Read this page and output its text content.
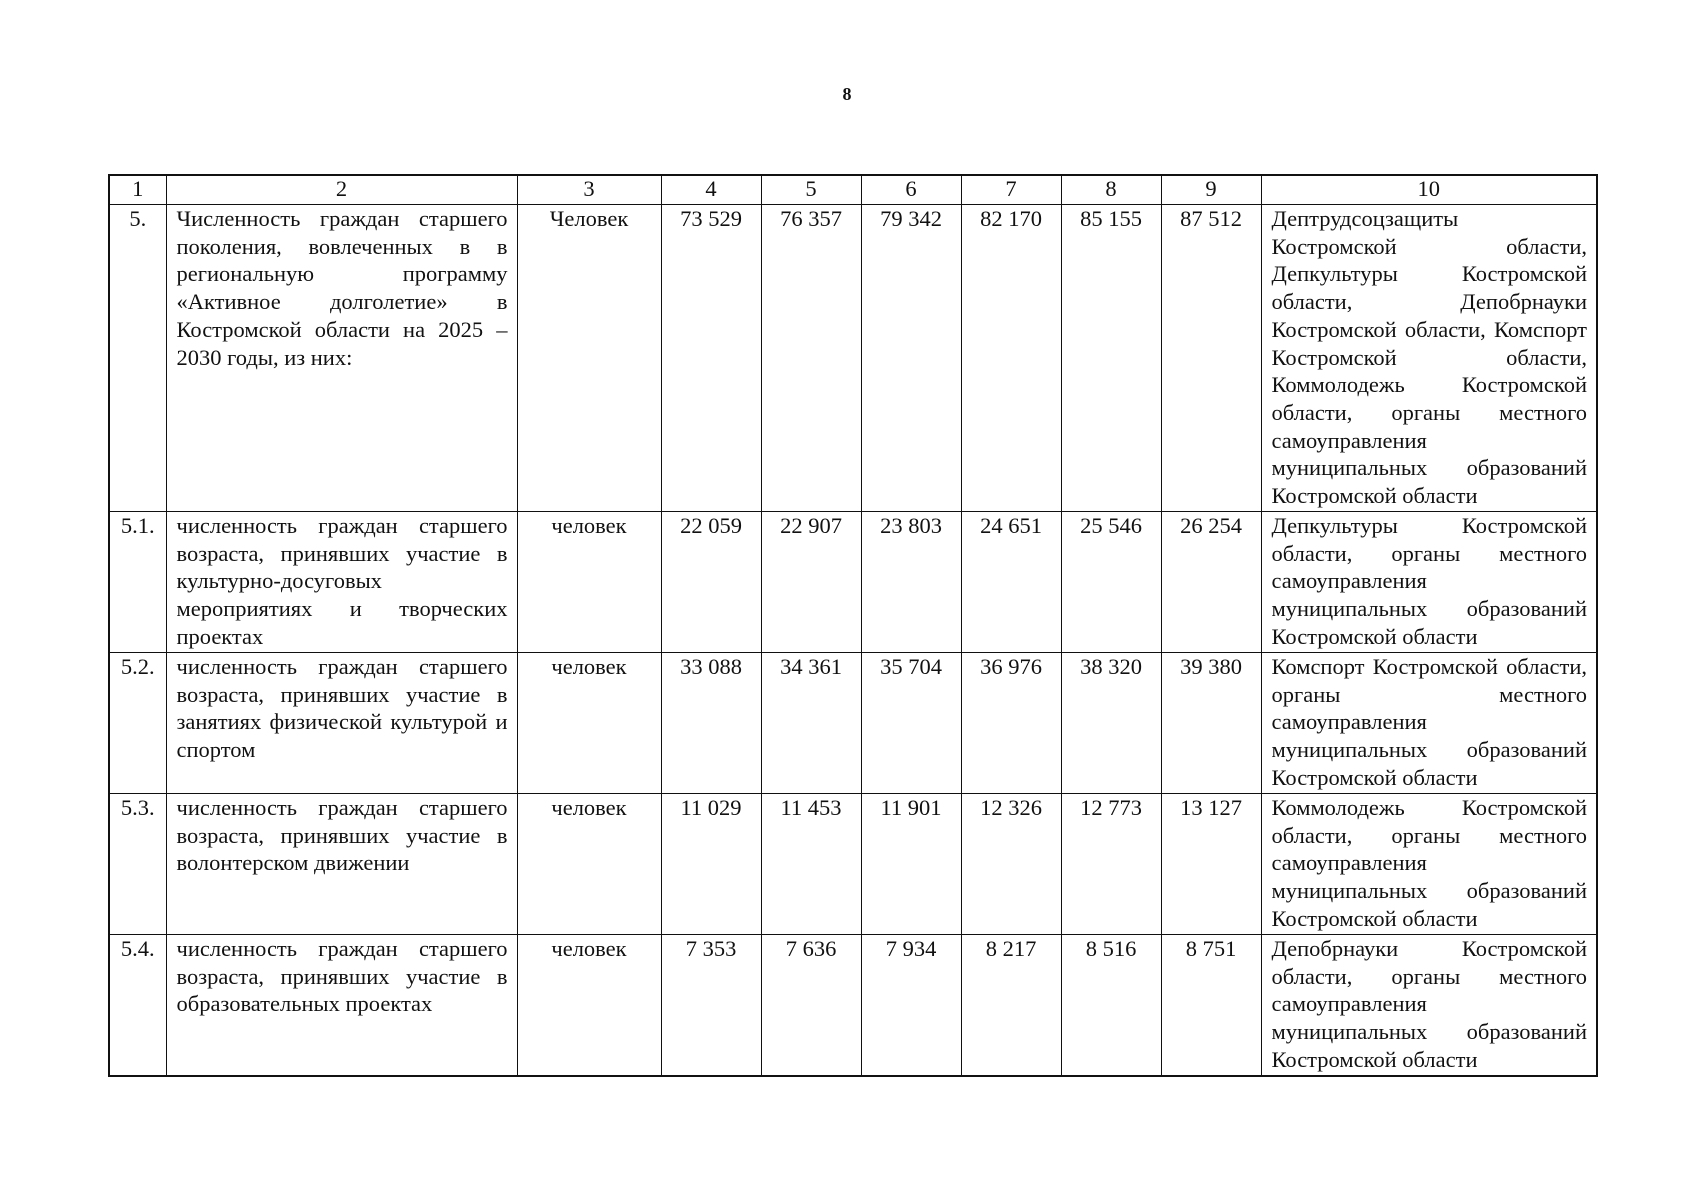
8
1	2	3	4	5	6	7	8	9	10
5.	Численность граждан старшего поколения, вовлеченных в в региональную программу «Активное долголетие» в Костромской области на 2025 – 2030 годы, из них:	Человек	73 529	76 357	79 342	82 170	85 155	87 512	Дептрудсоцзащиты Костромской области, Депкультуры Костромской области, Депобрнауки Костромской области, Комспорт Костромской области, Коммолодежь Костромской области, органы местного самоуправления муниципальных образований Костромской области
5.1.	численность граждан старшего возраста, принявших участие в культурно-досуговых мероприятиях и творческих проектах	человек	22 059	22 907	23 803	24 651	25 546	26 254	Депкультуры Костромской области, органы местного самоуправления муниципальных образований Костромской области
5.2.	численность граждан старшего возраста, принявших участие в занятиях физической культурой и спортом	человек	33 088	34 361	35 704	36 976	38 320	39 380	Комспорт Костромской области, органы местного самоуправления муниципальных образований Костромской области
5.3.	численность граждан старшего возраста, принявших участие в волонтерском движении	человек	11 029	11 453	11 901	12 326	12 773	13 127	Коммолодежь Костромской области, органы местного самоуправления муниципальных образований Костромской области
5.4.	численность граждан старшего возраста, принявших участие в образовательных проектах	человек	7 353	7 636	7 934	8 217	8 516	8 751	Депобрнауки Костромской области, органы местного самоуправления муниципальных образований Костромской области
